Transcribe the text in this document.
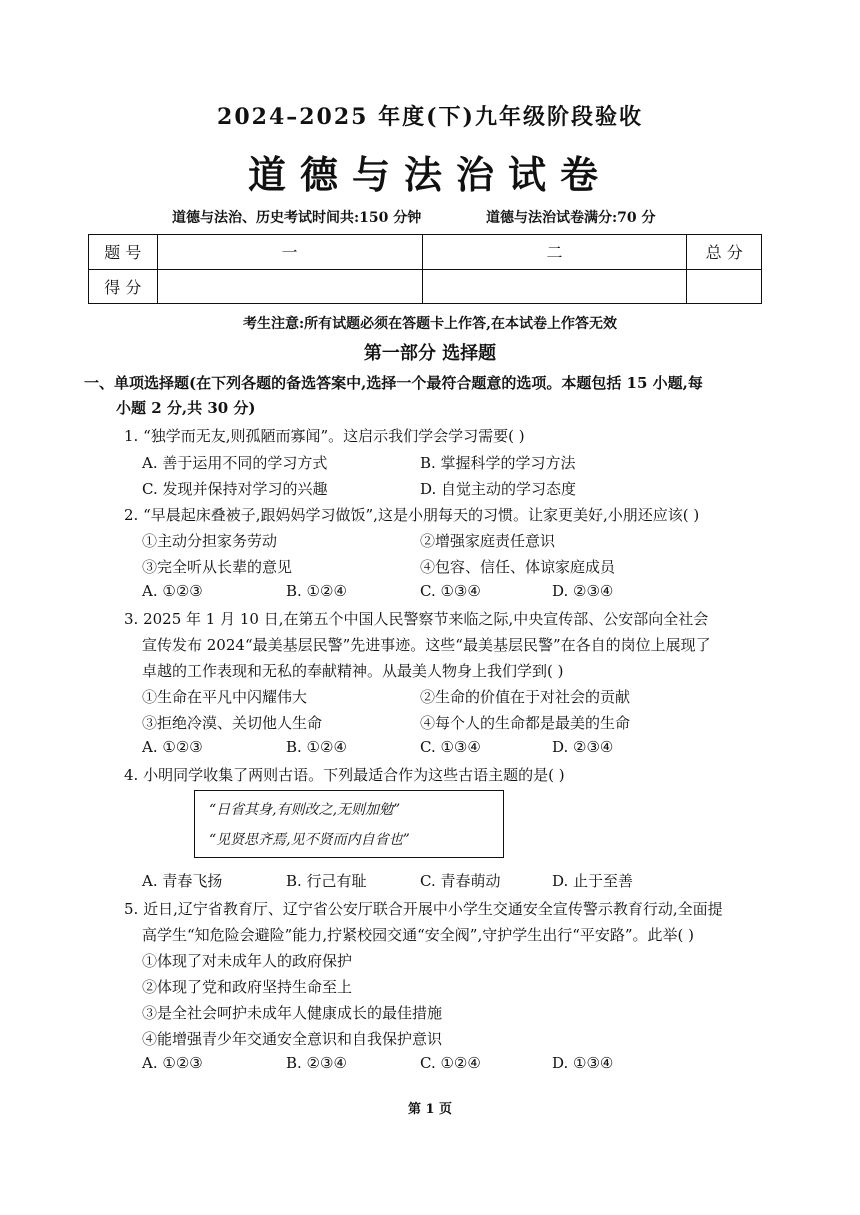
2024–2025 年度(下)九年级阶段验收
道德与法治试卷
道德与法治、历史考试时间共:150 分钟	道德与法治试卷满分:70 分
题 号	一	二	总 分
得 分			
考生注意:所有试题必须在答题卡上作答,在本试卷上作答无效
第一部分 选择题
一、单项选择题(在下列各题的备选答案中,选择一个最符合题意的选项。本题包括 15 小题,每
小题 2 分,共 30 分)
1. “独学而无友,则孤陋而寡闻”。这启示我们学会学习需要( )
A. 善于运用不同的学习方式	B. 掌握科学的学习方法
C. 发现并保持对学习的兴趣	D. 自觉主动的学习态度
2. “早晨起床叠被子,跟妈妈学习做饭”,这是小朋每天的习惯。让家更美好,小朋还应该( )
①主动分担家务劳动	②增强家庭责任意识
③完全听从长辈的意见	④包容、信任、体谅家庭成员
A. ①②③	B. ①②④	C. ①③④	D. ②③④
3. 2025 年 1 月 10 日,在第五个中国人民警察节来临之际,中央宣传部、公安部向全社会
宣传发布 2024“最美基层民警”先进事迹。这些“最美基层民警”在各自的岗位上展现了
卓越的工作表现和无私的奉献精神。从最美人物身上我们学到( )
①生命在平凡中闪耀伟大	②生命的价值在于对社会的贡献
③拒绝冷漠、关切他人生命	④每个人的生命都是最美的生命
A. ①②③	B. ①②④	C. ①③④	D. ②③④
4. 小明同学收集了两则古语。下列最适合作为这些古语主题的是( )
“日省其身,有则改之,无则加勉”
“见贤思齐焉,见不贤而内自省也”
A. 青春飞扬	B. 行己有耻	C. 青春萌动	D. 止于至善
5. 近日,辽宁省教育厅、辽宁省公安厅联合开展中小学生交通安全宣传警示教育行动,全面提
高学生“知危险会避险”能力,拧紧校园交通“安全阀”,守护学生出行“平安路”。此举( )
①体现了对未成年人的政府保护
②体现了党和政府坚持生命至上
③是全社会呵护未成年人健康成长的最佳措施
④能增强青少年交通安全意识和自我保护意识
A. ①②③	B. ②③④	C. ①②④	D. ①③④
第 1 页
